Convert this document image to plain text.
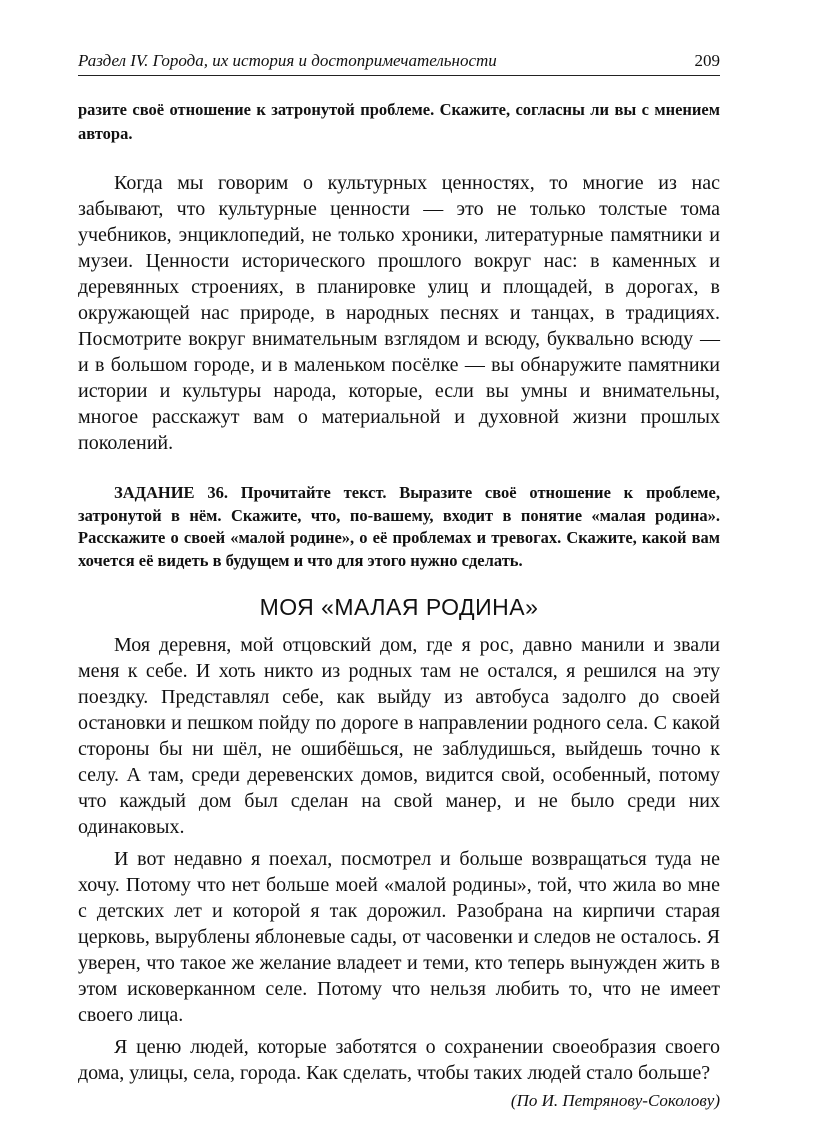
Раздел IV. Города, их история и достопримечательности	209
разите своё отношение к затронутой проблеме. Скажите, согласны ли вы с мнением автора.

Когда мы говорим о культурных ценностях, то многие из нас забывают, что культурные ценности — это не только толстые тома учебников, энциклопедий, не только хроники, литературные памятники и музеи. Ценности исторического прошлого вокруг нас: в каменных и деревянных строениях, в планировке улиц и площадей, в дорогах, в окружающей нас природе, в народных песнях и танцах, в традициях. Посмотрите вокруг внимательным взглядом и всюду, буквально всюду — и в большом городе, и в маленьком посёлке — вы обнаружите памятники истории и культуры народа, которые, если вы умны и внимательны, многое расскажут вам о материальной и духовной жизни прошлых поколений.

ЗАДАНИЕ 36. Прочитайте текст. Выразите своё отношение к проблеме, затронутой в нём. Скажите, что, по-вашему, входит в понятие «малая родина». Расскажите о своей «малой родине», о её проблемах и тревогах. Скажите, какой вам хочется её видеть в будущем и что для этого нужно сделать.
МОЯ «МАЛАЯ РОДИНА»

Моя деревня, мой отцовский дом, где я рос, давно манили и звали меня к себе. И хоть никто из родных там не остался, я решился на эту поездку. Представлял себе, как выйду из автобуса задолго до своей остановки и пешком пойду по дороге в направлении родного села. С какой стороны бы ни шёл, не ошибёшься, не заблудишься, выйдешь точно к селу. А там, среди деревенских домов, видится свой, особенный, потому что каждый дом был сделан на свой манер, и не было среди них одинаковых.

И вот недавно я поехал, посмотрел и больше возвращаться туда не хочу. Потому что нет больше моей «малой родины», той, что жила во мне с детских лет и которой я так дорожил. Разобрана на кирпичи старая церковь, вырублены яблоневые сады, от часовенки и следов не осталось. Я уверен, что такое же желание владеет и теми, кто теперь вынужден жить в этом исковерканном селе. Потому что нельзя любить то, что не имеет своего лица.

Я ценю людей, которые заботятся о сохранении своеобразия своего дома, улицы, села, города. Как сделать, чтобы таких людей стало больше?

(По И. Петрянову-Соколову)
